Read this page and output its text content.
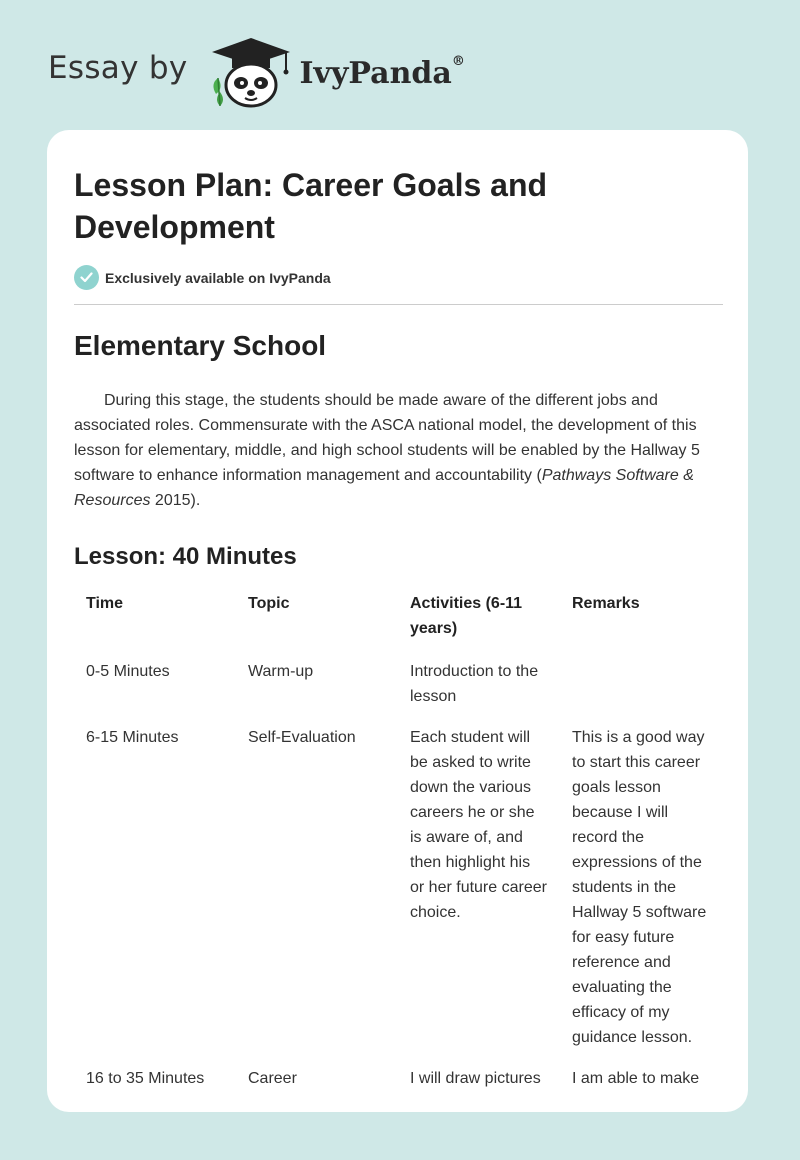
Essay by	IvyPanda®
Lesson Plan: Career Goals and Development
Exclusively available on IvyPanda
Elementary School

During this stage, the students should be made aware of the different jobs and associated roles. Commensurate with the ASCA national model, the development of this lesson for elementary, middle, and high school students will be enabled by the Hallway 5 software to enhance information management and accountability (Pathways Software & Resources 2015).

Lesson: 40 Minutes
Time	Topic	Activities (6-11 years)	Remarks
0-5 Minutes	Warm-up	Introduction to the lesson	
6-15 Minutes	Self-Evaluation	Each student will be asked to write down the various careers he or she is aware of, and then highlight his or her future career choice.	This is a good way to start this career goals lesson because I will record the expressions of the students in the Hallway 5 software for easy future reference and evaluating the efficacy of my guidance lesson.
16 to 35 Minutes	Career	I will draw pictures	I am able to make
